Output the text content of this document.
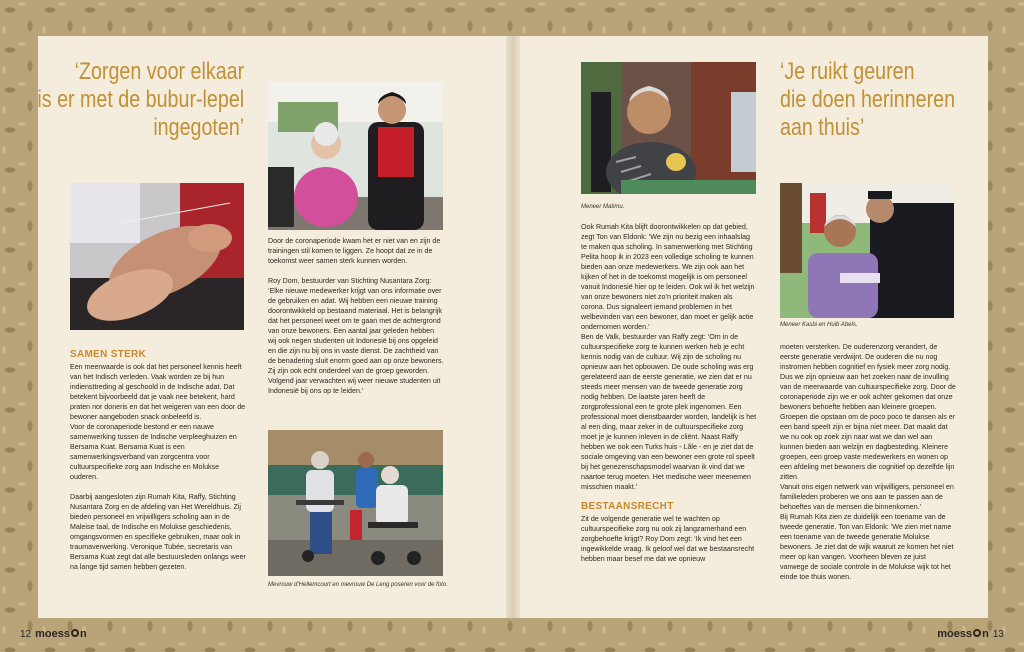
‘Zorgen voor elkaar
is er met de bubur-lepel
ingegoten’
SAMEN STERK

Een meerwaarde is ook dat het personeel kennis heeft van het Indisch verleden. Vaak worden ze bij hun indiensttreding al geschoold in de Indische adat. Dat betekent bijvoorbeeld dat je vaak nee betekent, hard praten nor doneris en dat het weigeren van een door de bewoner aangeboden snack onbeleefd is.

Voor de coronaperiode bestond er een nauwe samenwerking tussen de Indische verpleeghuizen en Bersama Kuat. Bersama Kuat is een samenwerkingsverband van zorgcentra voor cultuurspecifieke zorg aan Indische en Molukse ouderen.

Daarbij aangesloten zijn Rumah Kita, Raffy, Stichting Nusantara Zorg en de afdeling van Het Wereldhuis. Zij bieden personeel en vrijwilligers scholing aan in de Maleise taal, de Indische en Molukse geschiedenis, omgangsvormen en specifieke gebruiken, maar ook in traumaverwerking. Veronique Tubée, secretaris van Bersama Kuat zegt dat alle bestuursleden onlangs weer na lange tijd samen hebben gezeten.

Door de coronaperiode kwam het er niet van en zijn de trainingen stil komen te liggen. Ze hoopt dat ze in de toekomst weer samen sterk kunnen worden.

Roy Dom, bestuurder van Stichting Nusantara Zorg: ‘Elke nieuwe medewerker krijgt van ons informatie over de gebruiken en adat. Wij hebben een nieuwe training doorontwikkeld op bestaand materiaal. Het is belangrijk dat het personeel weet om te gaan met de achtergrond van onze bewoners. Een aantal jaar geleden hebben wij ook negen studenten uit Indonesië bij ons opgeleid en die zijn nu bij ons in vaste dienst. De zachtheid van de benadering sluit enorm goed aan op onze bewoners. Zij zijn ook echt onderdeel van de groep geworden. Volgend jaar verwachten wij weer nieuwe studenten uit Indonesië bij ons op te leiden.’

Mevrouw d’Hellemcourt en mevrouw De Leng poseren voor de foto.
12 moess n
Meneer Matimu.
‘Je ruikt geuren
die doen herinneren
aan thuis’
Meneer Kasbi en Huib Abels.

Ook Rumah Kita blijft doorontwikkelen op dat gebied, zegt Ton van Eldonk: ‘We zijn nu bezig een inhaalslag te maken qua scholing. In samenwerking met Stichting Pelita hoop ik in 2023 een volledige scholing te kunnen bieden aan onze medewerkers. We zijn ook aan het kijken of het in de toekomst mogelijk is om personeel vanuit Indonesië hier op te leiden. Ook wil ik het welzijn van onze bewoners niet zo’n prioriteit maken als corona. Dus signaleert iemand problemen in het welbevinden van een bewoner, dan moet er gelijk actie ondernomen worden.’

Ben de Valk, bestuurder van Raffy zegt: ‘Om in de cultuurspecifieke zorg te kunnen werken heb je echt kennis nodig van de cultuur. Wij zijn de scholing nu opnieuw aan het opbouwen. De oude scholing was erg gerelateerd aan de eerste generatie, we zien dat er nu steeds meer mensen van de tweede generatie zorg nodig hebben. De laatste jaren heeft de zorgprofessional een te grote plek ingenomen. Een professional moet dienstbaarder worden, landelijk is het al een ding, maar zeker in de cultuurspecifieke zorg moet je je kunnen inleven in de cliënt. Naast Raffy hebben we ook een Turks huis - Lâle - en je ziet dat de sociale omgeving van een bewoner een grote rol speelt bij het genezenschapsmodel waarvan ik vind dat we naartoe terug moeten. Het medische weer meenemen misschien maakt.’

BESTAANSRECHT

Zit de volgende generatie wel te wachten op cultuurspecifieke zorg nu ook zij langzamerhand een zorgbehoefte krijgt? Roy Dom zegt: ‘Ik vind het een ingewikkelde vraag. Ik geloof wel dat we bestaansrecht hebben maar besef me dat we opnieuw

moeten versterken. De ouderenzorg verandert, de eerste generatie verdwijnt. De ouderen die nu nog instromen hebben cognitief en fysiek meer zorg nodig. Dus we zijn opnieuw aan het zoeken naar de invulling van de meerwaarde van cultuurspecifieke zorg. Door de coronaperiode zijn we er ook achter gekomen dat onze bewoners behoefte hebben aan kleinere groepen. Groepen die opstaan om de poco poco te dansen als er een band speelt zijn er bijna niet meer. Dat maakt dat we nu ook op zoek zijn naar wat we dan wel aan kunnen bieden aan welzijn en dagbesteding. Kleinere groepen, een groep vaste medewerkers en wonen op een afdeling met bewoners die cognitief op dezelfde lijn zitten.

Vanuit ons eigen netwerk van vrijwilligers, personeel en familieleden proberen we ons aan te passen aan de behoeftes van de mensen die binnenkomen.’

Bij Rumah Kita zien ze duidelijk een toename van de tweede generatie. Ton van Eldonk: ‘We zien met name een toename van de tweede generatie Molukse bewoners. Je ziet dat de wijk waaruit ze komen het niet meer op kan vangen. Voorheen bleven ze juist vanwege de sociale controle in de Molukse wijk tot het einde toe thuis wonen.

moess n 13
